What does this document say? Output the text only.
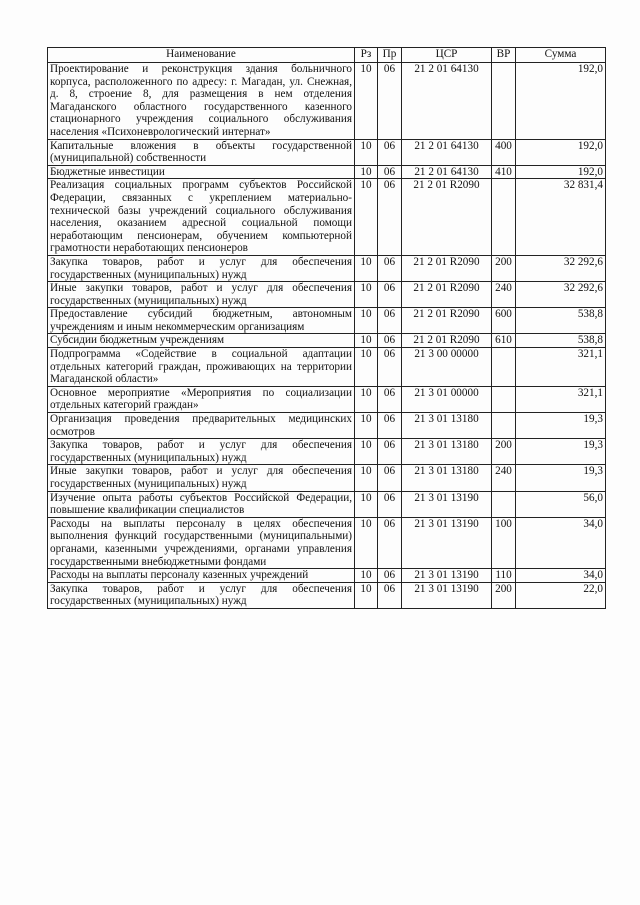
Наименование	Рз	Пр	ЦСР	ВР	Сумма
Проектирование и реконструкция здания больничного корпуса, расположенного по адресу: г. Магадан, ул. Снежная, д. 8, строение 8, для размещения в нем отделения Магаданского областного государственного казенного стационарного учреждения социального обслуживания населения «Психоневрологический интернат»	10	06	21 2 01 64130		192,0
Капитальные вложения в объекты государственной (муниципальной) собственности	10	06	21 2 01 64130	400	192,0
Бюджетные инвестиции	10	06	21 2 01 64130	410	192,0
Реализация социальных программ субъектов Российской Федерации, связанных с укреплением материально-технической базы учреждений социального обслуживания населения, оказанием адресной социальной помощи неработающим пенсионерам, обучением компьютерной грамотности неработающих пенсионеров	10	06	21 2 01 R2090		32 831,4
Закупка товаров, работ и услуг для обеспечения государственных (муниципальных) нужд	10	06	21 2 01 R2090	200	32 292,6
Иные закупки товаров, работ и услуг для обеспечения государственных (муниципальных) нужд	10	06	21 2 01 R2090	240	32 292,6
Предоставление субсидий бюджетным, автономным учреждениям и иным некоммерческим организациям	10	06	21 2 01 R2090	600	538,8
Субсидии бюджетным учреждениям	10	06	21 2 01 R2090	610	538,8
Подпрограмма «Содействие в социальной адаптации отдельных категорий граждан, проживающих на территории Магаданской области»	10	06	21 3 00 00000		321,1
Основное мероприятие «Мероприятия по социализации отдельных категорий граждан»	10	06	21 3 01 00000		321,1
Организация проведения предварительных медицинских осмотров	10	06	21 3 01 13180		19,3
Закупка товаров, работ и услуг для обеспечения государственных (муниципальных) нужд	10	06	21 3 01 13180	200	19,3
Иные закупки товаров, работ и услуг для обеспечения государственных (муниципальных) нужд	10	06	21 3 01 13180	240	19,3
Изучение опыта работы субъектов Российской Федерации, повышение квалификации специалистов	10	06	21 3 01 13190		56,0
Расходы на выплаты персоналу в целях обеспечения выполнения функций государственными (муниципальными) органами, казенными учреждениями, органами управления государственными внебюджетными фондами	10	06	21 3 01 13190	100	34,0
Расходы на выплаты персоналу казенных учреждений	10	06	21 3 01 13190	110	34,0
Закупка товаров, работ и услуг для обеспечения государственных (муниципальных) нужд	10	06	21 3 01 13190	200	22,0
